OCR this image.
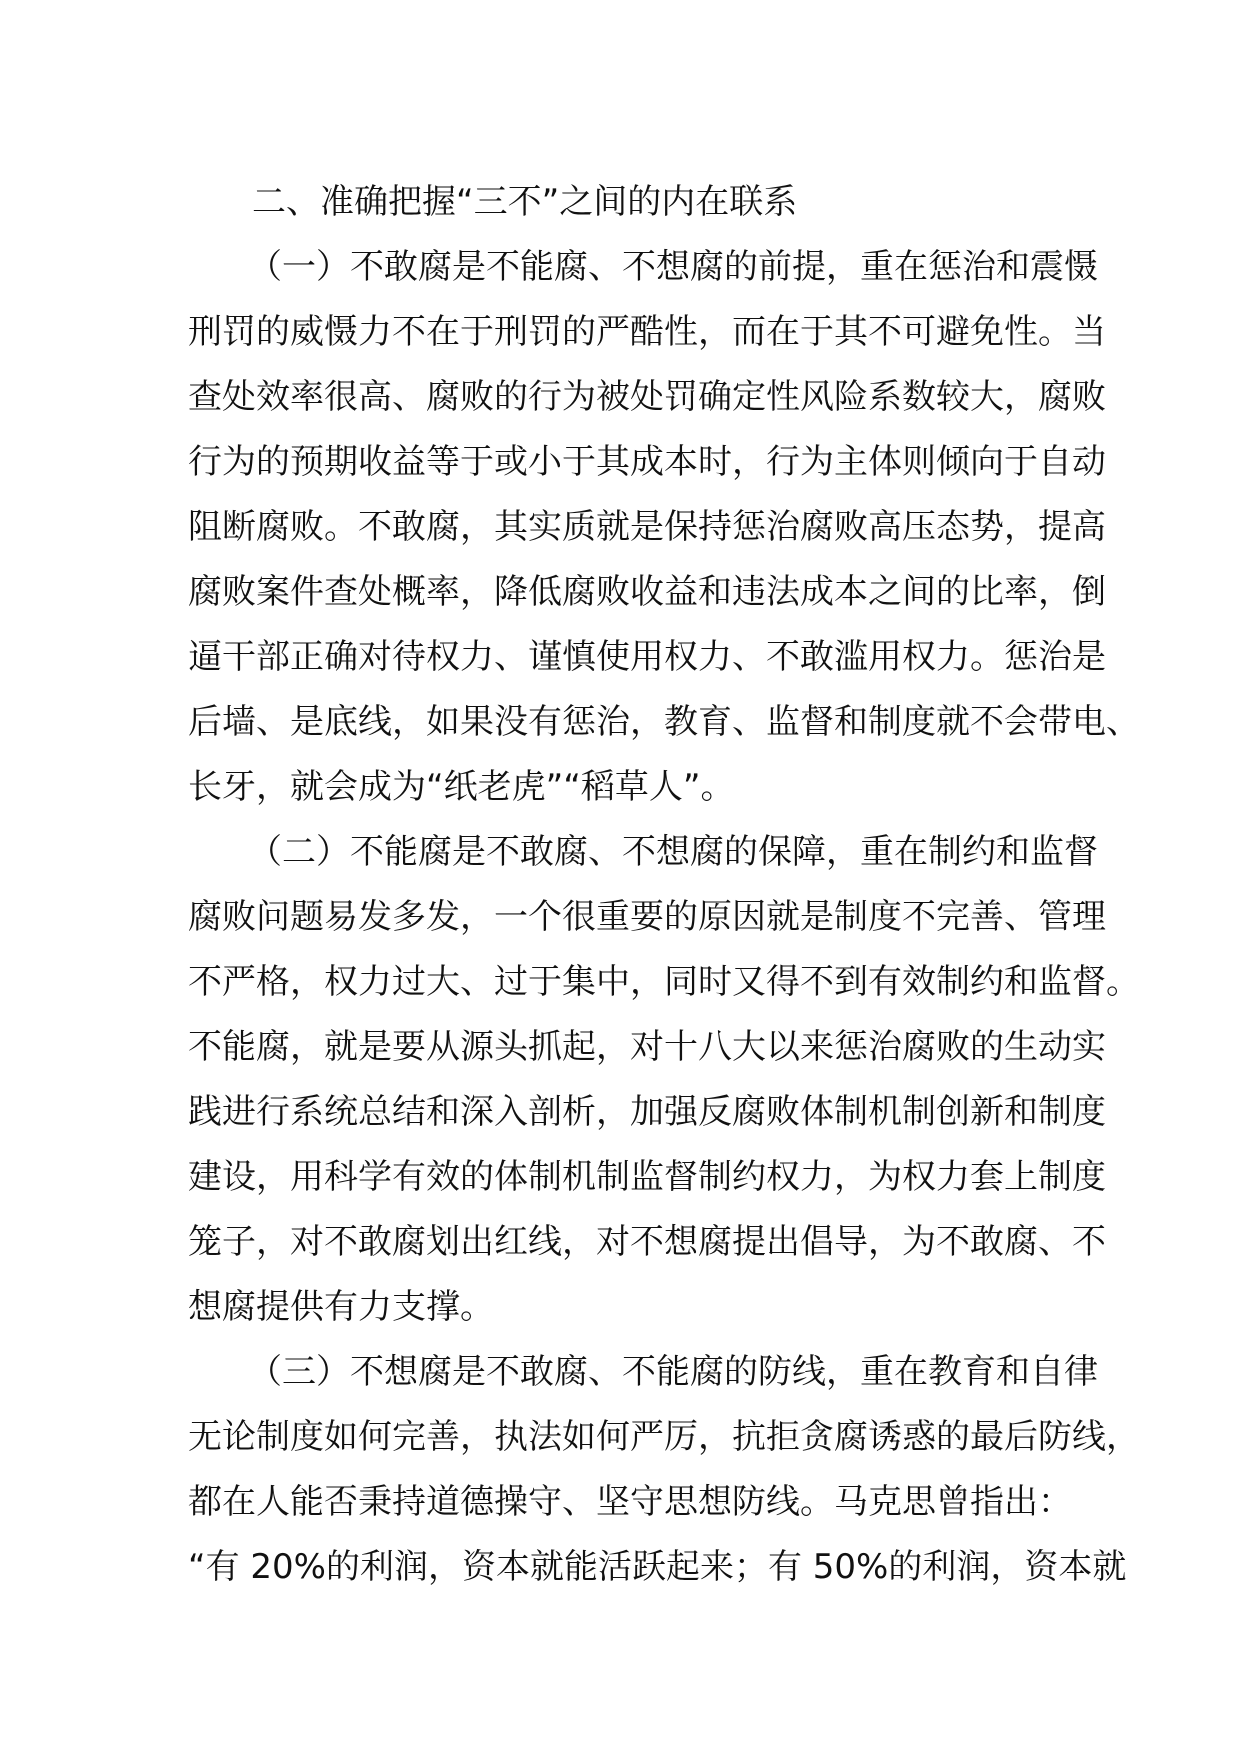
二、准确把握“三不”之间的内在联系
（一）不敢腐是不能腐、不想腐的前提，重在惩治和震慑
刑罚的威慑力不在于刑罚的严酷性，而在于其不可避免性。当
查处效率很高、腐败的行为被处罚确定性风险系数较大，腐败
行为的预期收益等于或小于其成本时，行为主体则倾向于自动
阻断腐败。不敢腐，其实质就是保持惩治腐败高压态势，提高
腐败案件查处概率，降低腐败收益和违法成本之间的比率，倒
逼干部正确对待权力、谨慎使用权力、不敢滥用权力。惩治是
后墙、是底线，如果没有惩治，教育、监督和制度就不会带电、
长牙，就会成为“纸老虎”“稻草人”。
（二）不能腐是不敢腐、不想腐的保障，重在制约和监督
腐败问题易发多发，一个很重要的原因就是制度不完善、管理
不严格，权力过大、过于集中，同时又得不到有效制约和监督。
不能腐，就是要从源头抓起，对十八大以来惩治腐败的生动实
践进行系统总结和深入剖析，加强反腐败体制机制创新和制度
建设，用科学有效的体制机制监督制约权力，为权力套上制度
笼子，对不敢腐划出红线，对不想腐提出倡导，为不敢腐、不
想腐提供有力支撑。
（三）不想腐是不敢腐、不能腐的防线，重在教育和自律
无论制度如何完善，执法如何严厉，抗拒贪腐诱惑的最后防线，
都在人能否秉持道德操守、坚守思想防线。马克思曾指出：
“有 20%的利润，资本就能活跃起来；有 50%的利润，资本就
